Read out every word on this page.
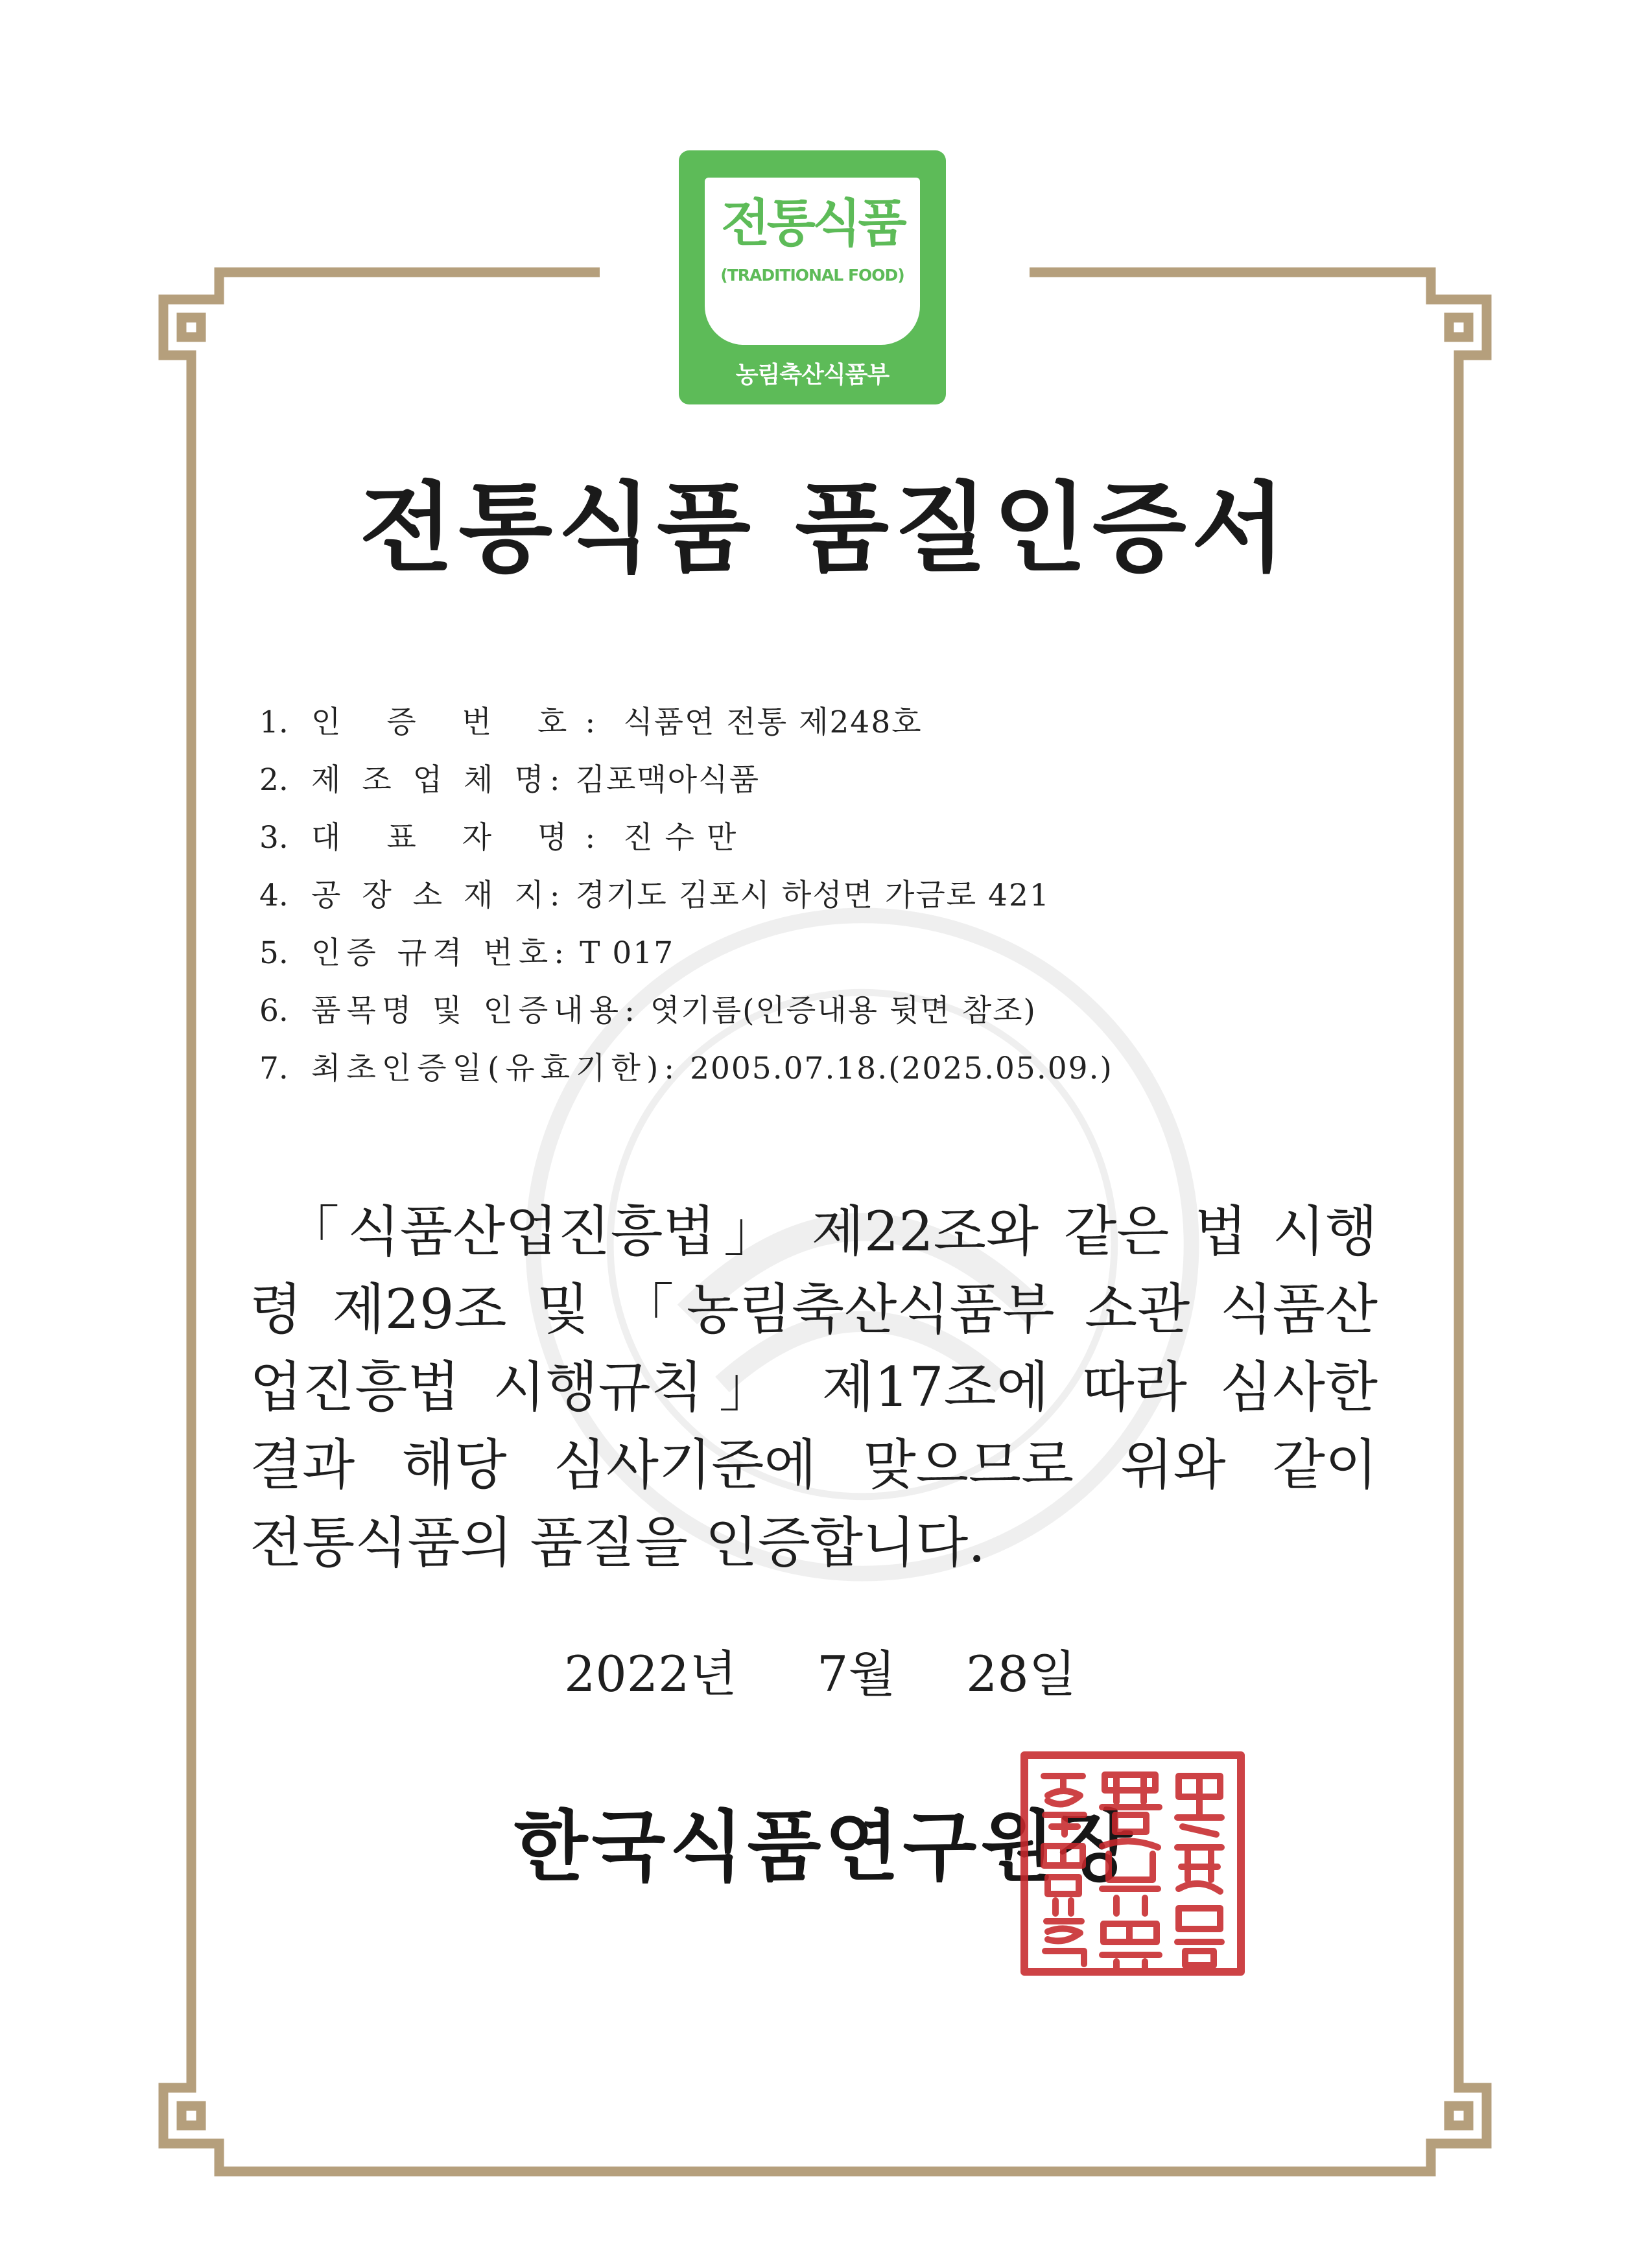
전통식품
(TRADITIONAL FOOD)
농림축산식품부
전통식품 품질인증서
1. 인 증 번 호: 식품연 전통 제248호
2. 제 조 업 체 명: 김포맥아식품
3. 대 표 자 명: 진 수 만
4. 공 장 소 재 지: 경기도 김포시 하성면 가금로 421
5. 인증 규격 번호: T 017
6. 품목명 및 인증내용: 엿기름(인증내용 뒷면 참조)
7. 최초인증일(유효기한): 2005.07.18.(2025.05.09.)
　「식품산업진흥법」 제22조와 같은 법 시행
령 제29조 및 「농림축산식품부 소관 식품산
업진흥법 시행규칙」 제17조에 따라 심사한
결과 해당 심사기준에 맞으므로 위와 같이
전통식품의 품질을 인증합니다.
2022년 7월 28일
한국식품연구원장
